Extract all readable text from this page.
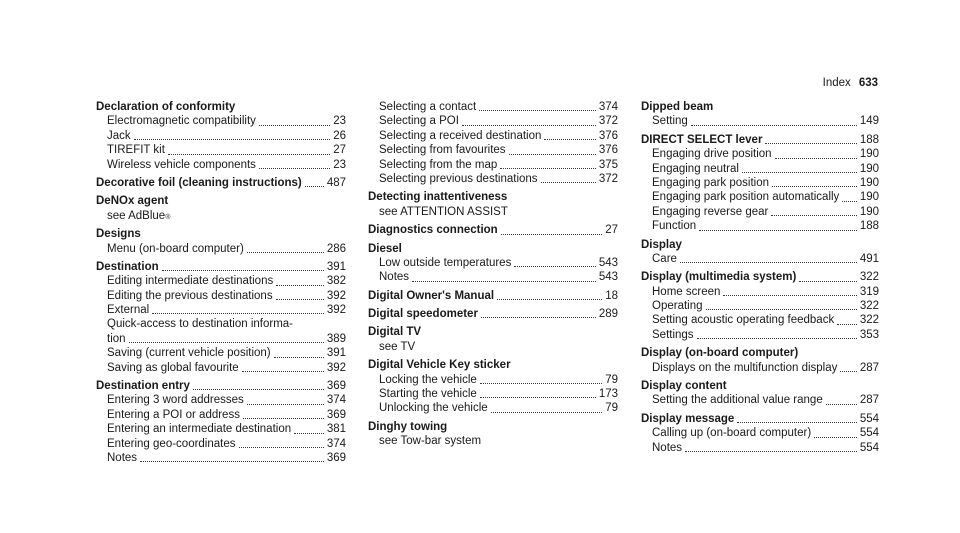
Index 633
Declaration of conformity
Electromagnetic compatibility	23
Jack	26
TIREFIT kit	27
Wireless vehicle components	23
Decorative foil (cleaning instructions) 487
DeNOx agent
see AdBlue ®
Designs
Menu (on-board computer)	286
Destination	391
Editing intermediate destinations	382
Editing the previous destinations	392
External	392
Quick-access to destination informa-
tion	389
Saving (current vehicle position)	391
Saving as global favourite	392
Destination entry	369
Entering 3 word addresses	374
Entering a POI or address	369
Entering an intermediate destination	381
Entering geo-coordinates	374
Notes	369
Selecting a contact	374
Selecting a POI	372
Selecting a received destination	376
Selecting from favourites	376
Selecting from the map	375
Selecting previous destinations	372
Detecting inattentiveness
see ATTENTION ASSIST
Diagnostics connection	27
Diesel
Low outside temperatures	543
Notes	543
Digital Owner's Manual	18
Digital speedometer	289
Digital TV
see TV
Digital Vehicle Key sticker
Locking the vehicle	79
Starting the vehicle	173
Unlocking the vehicle	79
Dinghy towing
see Tow-bar system
Dipped beam
Setting	149
DIRECT SELECT lever	188
Engaging drive position	190
Engaging neutral	190
Engaging park position	190
Engaging park position automatically 190
Engaging reverse gear	190
Function	188
Display
Care	491
Display (multimedia system)	322
Home screen	319
Operating	322
Setting acoustic operating feedback 322
Settings	353
Display (on-board computer)
Displays on the multifunction display 287
Display content
Setting the additional value range	287
Display message	554
Calling up (on-board computer)	554
Notes	554
